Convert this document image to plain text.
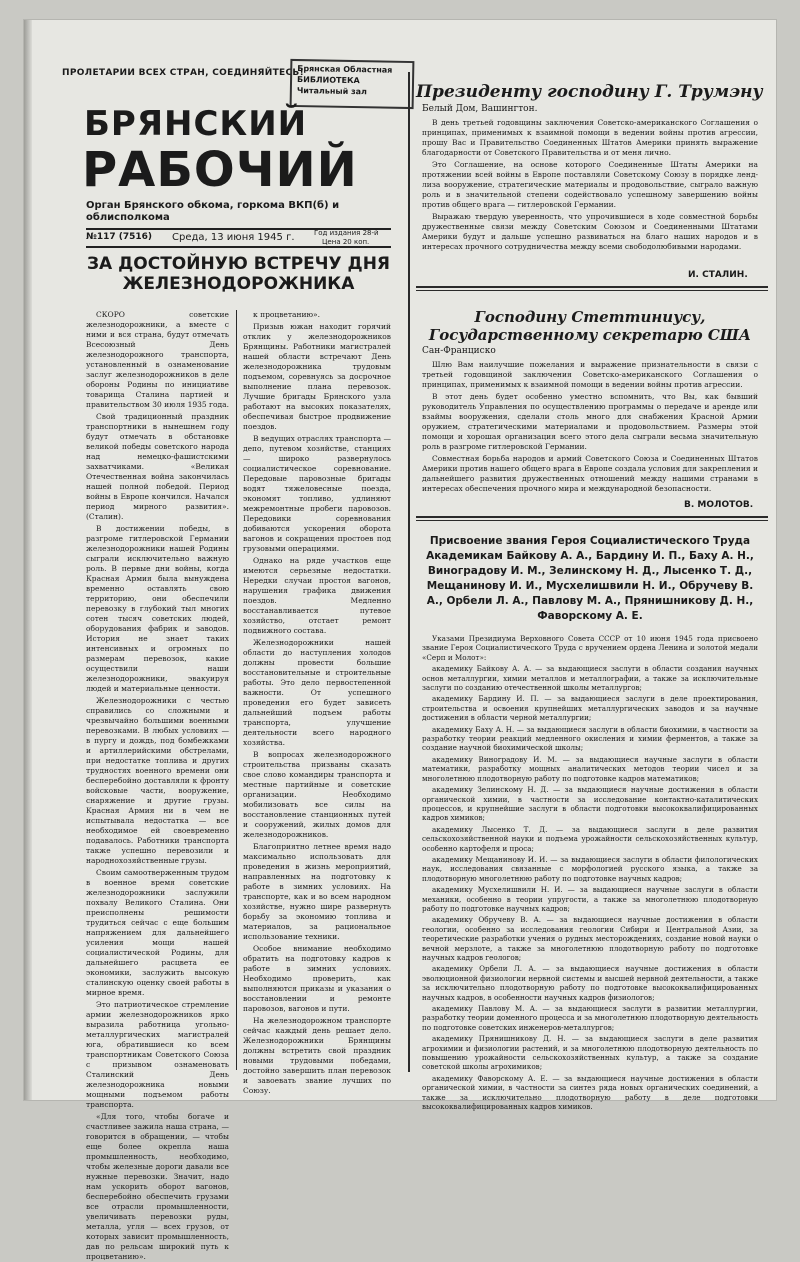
ПРОЛЕТАРИИ ВСЕХ СТРАН, СОЕДИНЯЙТЕСЬ!
Брянская Областная
БИБЛИОТЕКА
Читальный зал
БРЯНСКИЙ
РАБОЧИЙ
Орган Брянского обкома, горкома ВКП(б) и облисполкома
№117 (7516) Среда, 13 июня 1945 г.	Год издания 28-й
Цена 20 коп.
ЗА ДОСТОЙНУЮ ВСТРЕЧУ ДНЯ ЖЕЛЕЗНОДОРОЖНИКА

СКОРО советские железнодорожники, а вместе с ними и вся страна, будут отмечать Всесоюзный День железнодорожного транспорта, установленный в ознаменование заслуг железнодорожников в деле обороны Родины по инициативе товарища Сталина партией и правительством 30 июля 1935 года.

Свой традиционный праздник транспортники в нынешнем году будут отмечать в обстановке великой победы советского народа над немецко-фашистскими захватчиками. «Великая Отечественная война закончилась нашей полной победой. Период войны в Европе кончился. Начался период мирного развития». (Сталин).

В достижении победы, в разгроме гитлеровской Германии железнодорожники нашей Родины сыграли исключительно важную роль. В первые дни войны, когда Красная Армия была вынуждена временно оставлять свою территорию, они обеспечили перевозку в глубокий тыл многих сотен тысяч советских людей, оборудования фабрик и заводов. История не знает таких интенсивных и огромных по размерам перевозок, какие осуществили наши железнодорожники, эвакуируя людей и материальные ценности.

Железнодорожники с честью справились со сложными и чрезвычайно большими военными перевозками. В любых условиях — в пургу и дождь, под бомбежками и артиллерийскими обстрелами, при недостатке топлива и других трудностях военного времени они бесперебойно доставляли к фронту войсковые части, вооружение, снаряжение и другие грузы. Красная Армия ни в чем не испытывала недостатка — все необходимое ей своевременно подавалось. Работники транспорта также успешно перевозили и народнохозяйственные грузы.

Своим самоотверженным трудом в военное время советские железнодорожники заслужили похвалу Великого Сталина. Они преисполнены решимости трудиться сейчас с еще большим напряжением для дальнейшего усиления мощи нашей социалистической Родины, для дальнейшего расцвета ее экономики, заслужить высокую сталинскую оценку своей работы в мирное время.

Это патриотическое стремление армии железнодорожников ярко выразила работница угольно-металлургических магистралей юга, обратившиеся ко всем транспортникам Советского Союза с призывом ознаменовать Сталинский День железнодорожника новыми мощными подъемом работы транспорта.

«Для того, чтобы богаче и счастливее зажила наша страна, — говорится в обращении, — чтобы еще более окрепла наша промышленность, необходимо, чтобы железные дороги давали все нужные перевозки. Значит, надо нам ускорить оборот вагонов, бесперебойно обеспечить грузами все отрасли промышленности, увеличивать перевозки руды, металла, угля — всех грузов, от которых зависит промышленность, дав по рельсам широкий путь к процветанию».

к процветанию».

Призыв южан находит горячий отклик у железнодорожников Брянщины. Работники магистралей нашей области встречают День железнодорожника трудовым подъемом, соревнуясь за досрочное выполнение плана перевозок. Лучшие бригады Брянского узла работают на высоких показателях, обеспечивая быстрое продвижение поездов.

В ведущих отраслях транспорта — депо, путевом хозяйстве, станциях — широко развернулось социалистическое соревнование. Передовые паровозные бригады водят тяжеловесные поезда, экономят топливо, удлиняют межремонтные пробеги паровозов. Передовики соревнования добиваются ускорения оборота вагонов и сокращения простоев под грузовыми операциями.

Однако на ряде участков еще имеются серьезные недостатки. Нередки случаи простоя вагонов, нарушения графика движения поездов. Медленно восстанавливается путевое хозяйство, отстает ремонт подвижного состава.

Железнодорожники нашей области до наступления холодов должны провести большие восстановительные и строительные работы. Это дело первостепенной важности. От успешного проведения его будет зависеть дальнейший подъем работы транспорта, улучшение деятельности всего народного хозяйства.

В вопросах железнодорожного строительства призваны сказать свое слово командиры транспорта и местные партийные и советские организации. Необходимо мобилизовать все силы на восстановление станционных путей и сооружений, жилых домов для железнодорожников.

Благоприятно летнее время надо максимально использовать для проведения в жизнь мероприятий, направленных на подготовку к работе в зимних условиях. На транспорте, как и во всем народном хозяйстве, нужно шире развернуть борьбу за экономию топлива и материалов, за рациональное использование техники.

Особое внимание необходимо обратить на подготовку кадров к работе в зимних условиях. Необходимо проверить, как выполняются приказы и указания о восстановлении и ремонте паровозов, вагонов и пути.

На железнодорожном транспорте сейчас каждый день решает дело. Железнодорожники Брянщины должны встретить свой праздник новыми трудовыми победами, достойно завершить план перевозок и завоевать звание лучших по Союзу.

Президенту господину Г. Трумэну
Белый Дом, Вашингтон.

В день третьей годовщины заключения Советско-американского Соглашения о принципах, применимых к взаимной помощи в ведении войны против агрессии, прошу Вас и Правительство Соединенных Штатов Америки принять выражение благодарности от Советского Правительства и от меня лично.

Это Соглашение, на основе которого Соединенные Штаты Америки на протяжении всей войны в Европе поставляли Советскому Союзу в порядке ленд-лиза вооружение, стратегические материалы и продовольствие, сыграло важную роль и в значительной степени содействовало успешному завершению войны против общего врага — гитлеровской Германии.

Выражаю твердую уверенность, что упрочившиеся в ходе совместной борьбы дружественные связи между Советским Союзом и Соединенными Штатами Америки будут и дальше успешно развиваться на благо наших народов и в интересах прочного сотрудничества между всеми свободолюбивыми народами.

И. СТАЛИН.
Господину Стеттиниусу, Государственному секретарю США
Сан-Франциско

Шлю Вам наилучшие пожелания и выражение признательности в связи с третьей годовщиной заключения Советско-американского Соглашения о принципах, применимых к взаимной помощи в ведении войны против агрессии.

В этот день будет особенно уместно вспомнить, что Вы, как бывший руководитель Управления по осуществлению программы о передаче и аренде или взаймы вооружения, сделали столь много для снабжения Красной Армии оружием, стратегическими материалами и продовольствием. Размеры этой помощи и хорошая организация всего этого дела сыграли весьма значительную роль в разгроме гитлеровской Германии.

Совместная борьба народов и армий Советского Союза и Соединенных Штатов Америки против нашего общего врага в Европе создала условия для закрепления и дальнейшего развития дружественных отношений между нашими странами в интересах обеспечения прочного мира и международной безопасности.

В. МОЛОТОВ.
Присвоение звания Героя Социалистического Труда Академикам Байкову А. А., Бардину И. П., Баху А. Н., Виноградову И. М., Зелинскому Н. Д., Лысенко Т. Д., Мещанинову И. И., Мусхелишвили Н. И., Обручеву В. А., Орбели Л. А., Павлову М. А., Прянишникову Д. Н., Фаворскому А. Е.

Указами Президиума Верховного Совета СССР от 10 июня 1945 года присвоено звание Героя Социалистического Труда с вручением ордена Ленина и золотой медали «Серп и Молот»:

академику Байкову А. А. — за выдающиеся заслуги в области создания научных основ металлургии, химии металлов и металлографии, а также за исключительные заслуги по созданию отечественной школы металлургов;

академику Бардину И. П. — за выдающиеся заслуги в деле проектирования, строительства и освоения крупнейших металлургических заводов и за научные достижения в области черной металлургии;

академику Баху А. Н. — за выдающиеся заслуги в области биохимии, в частности за разработку теории реакций медленного окисления и химии ферментов, а также за создание научной биохимической школы;

академику Виноградову И. М. — за выдающиеся научные заслуги в области математики, разработку мощных аналитических методов теории чисел и за многолетнюю плодотворную работу по подготовке кадров математиков;

академику Зелинскому Н. Д. — за выдающиеся научные достижения в области органической химии, в частности за исследование контактно-каталитических процессов, и крупнейшие заслуги в области подготовки высококвалифицированных кадров химиков;

академику Лысенко Т. Д. — за выдающиеся заслуги в деле развития сельскохозяйственной науки и подъема урожайности сельскохозяйственных культур, особенно картофеля и проса;

академику Мещанинову И. И. — за выдающиеся заслуги в области филологических наук, исследования связанные с морфологией русского языка, а также за плодотворную многолетнюю работу по подготовке научных кадров;

академику Мусхелишвили Н. И. — за выдающиеся научные заслуги в области механики, особенно в теории упругости, а также за многолетнюю плодотворную работу по подготовке научных кадров;

академику Обручеву В. А. — за выдающиеся научные достижения в области геологии, особенно за исследования геологии Сибири и Центральной Азии, за теоретические разработки учения о рудных месторождениях, создание новой науки о вечной мерзлоте, а также за многолетнюю плодотворную работу по подготовке научных кадров геологов;

академику Орбели Л. А. — за выдающиеся научные достижения в области эволюционной физиологии нервной системы и высшей нервной деятельности, а также за исключительно плодотворную работу по подготовке высококвалифицированных научных кадров, в особенности научных кадров физиологов;

академику Павлову М. А. — за выдающиеся заслуги в развитии металлургии, разработку теории доменного процесса и за многолетнюю плодотворную деятельность по подготовке советских инженеров-металлургов;

академику Прянишникову Д. Н. — за выдающиеся заслуги в деле развития агрохимии и физиологии растений, и за многолетнюю плодотворную деятельность по повышению урожайности сельскохозяйственных культур, а также за создание советской школы агрохимиков;

академику Фаворскому А. Е. — за выдающиеся научные достижения в области органической химии, в частности за синтез ряда новых органических соединений, а также за исключительно плодотворную работу в деле подготовки высококвалифицированных кадров химиков.
